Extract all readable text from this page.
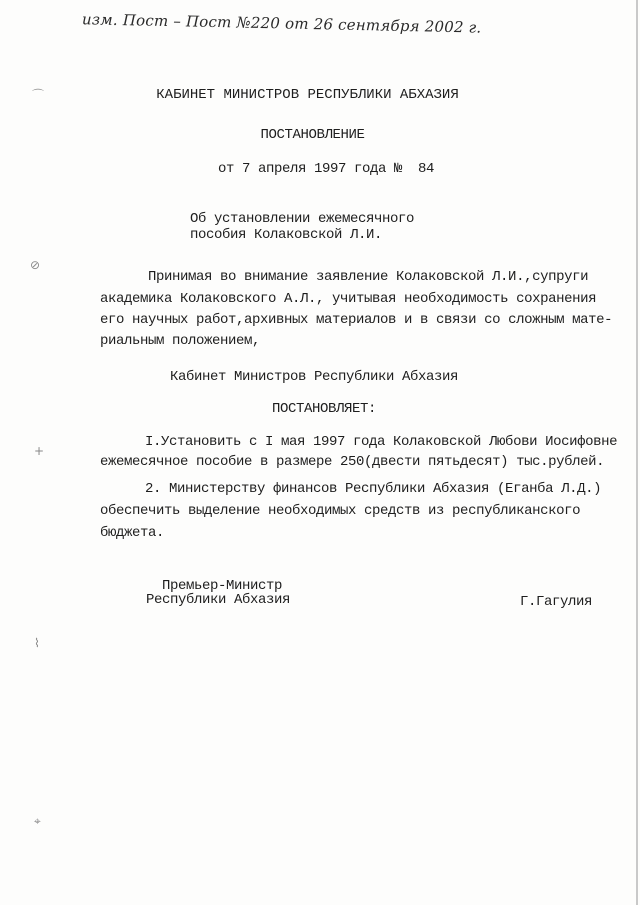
изм. Пост – Пост №220 от 26 сентября 2002 г.
⌒
⊘
+
⌇
⌖
КАБИНЕТ МИНИСТРОВ РЕСПУБЛИКИ АБХАЗИЯ
ПОСТАНОВЛЕНИЕ
от 7 апреля 1997 года №  84
Об установлении ежемесячного
пособия Колаковской Л.И.
Принимая во внимание заявление Колаковской Л.И.,супруги
академика Колаковского А.Л., учитывая необходимость сохранения
его научных работ,архивных материалов и в связи со сложным мате-
риальным положением,
Кабинет Министров Республики Абхазия
ПОСТАНОВЛЯЕТ:
I.Установить с I мая 1997 года Колаковской Любови Иосифовне
ежемесячное пособие в размере 250(двести пятьдесят) тыс.рублей.
2. Министерству финансов Республики Абхазия (Еганба Л.Д.)
обеспечить выделение необходимых средств из республиканского
бюджета.
Премьер-Министр
Республики Абхазия	Г.Гагулия
